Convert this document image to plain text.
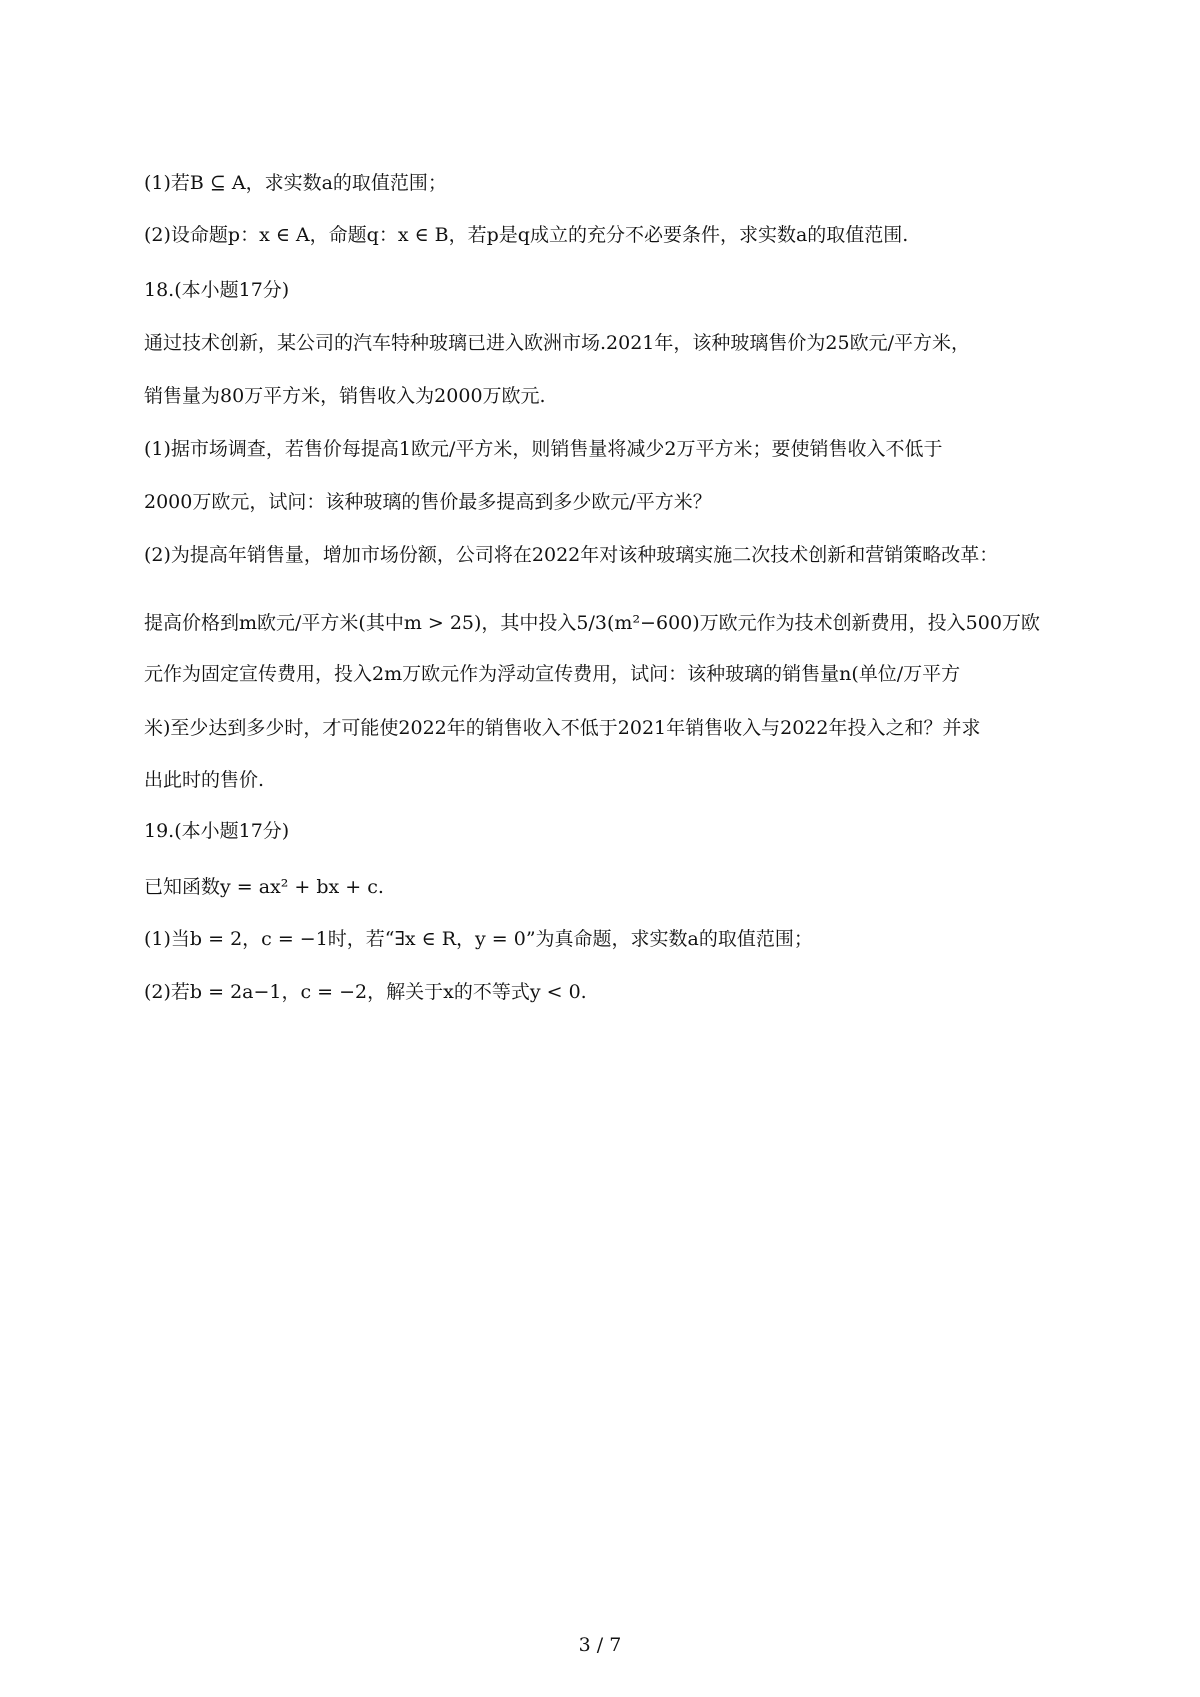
(1)若B ⊆ A，求实数a的取值范围；
(2)设命题p：x ∈ A，命题q：x ∈ B，若p是q成立的充分不必要条件，求实数a的取值范围.
18.(本小题17分)
通过技术创新，某公司的汽车特种玻璃已进入欧洲市场.2021年，该种玻璃售价为25欧元/平方米，
销售量为80万平方米，销售收入为2000万欧元.
(1)据市场调查，若售价每提高1欧元/平方米，则销售量将减少2万平方米；要使销售收入不低于
2000万欧元，试问：该种玻璃的售价最多提高到多少欧元/平方米？
(2)为提高年销售量，增加市场份额，公司将在2022年对该种玻璃实施二次技术创新和营销策略改革：
提高价格到m欧元/平方米(其中m > 25)，其中投入5/3(m²−600)万欧元作为技术创新费用，投入500万欧
元作为固定宣传费用，投入2m万欧元作为浮动宣传费用，试问：该种玻璃的销售量n(单位/万平方
米)至少达到多少时，才可能使2022年的销售收入不低于2021年销售收入与2022年投入之和？并求
出此时的售价.
19.(本小题17分)
已知函数y = ax² + bx + c.
(1)当b = 2，c = −1时，若“∃x ∈ R，y = 0”为真命题，求实数a的取值范围；
(2)若b = 2a−1，c = −2，解关于x的不等式y < 0.
3 / 7
